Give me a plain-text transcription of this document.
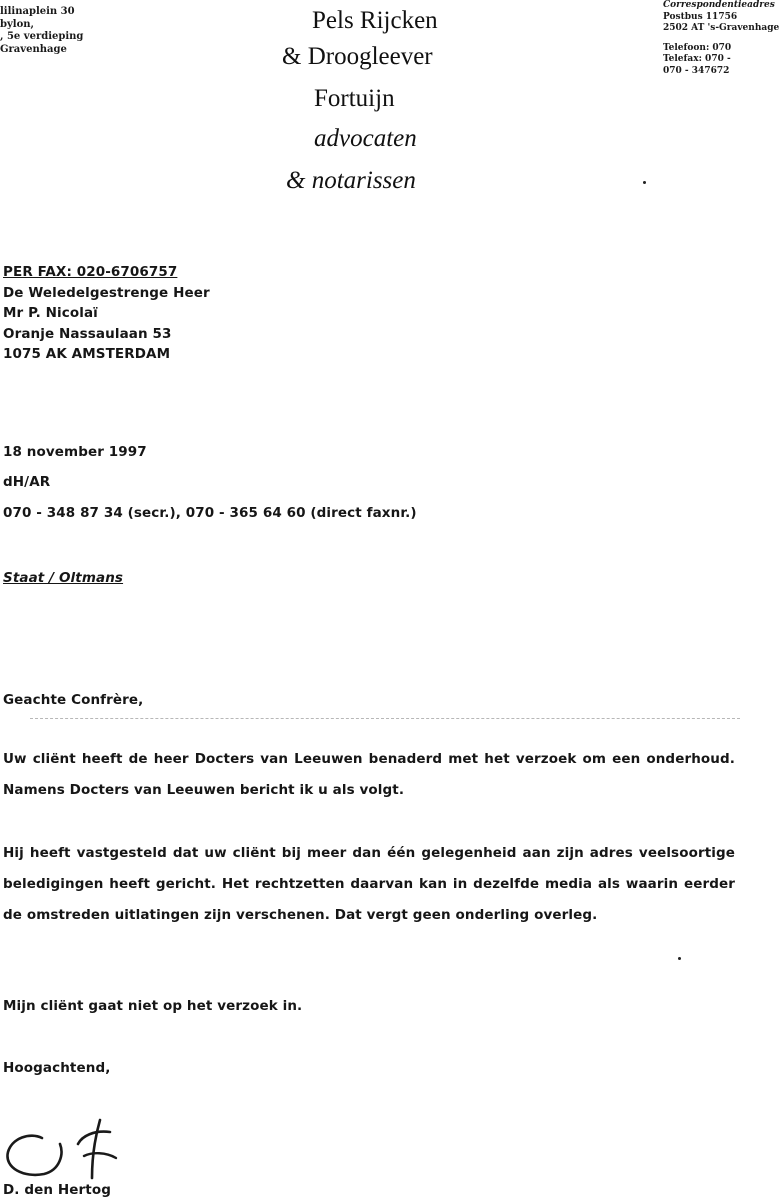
lilinaplein 30
bylon,
, 5e verdieping
Gravenhage
Pels Rijcken
& Droogleever
Fortuijn
advocaten
& notarissen
Correspondentieadres
Postbus 11756
2502 AT 's-Gravenhage
Telefoon: 070
Telefax: 070 -
070 - 347672
PER FAX: 020-6706757
De Weledelgestrenge Heer
Mr P. Nicolaï
Oranje Nassaulaan 53
1075 AK AMSTERDAM
18 november 1997
dH/AR
070 - 348 87 34 (secr.), 070 - 365 64 60 (direct faxnr.)
Staat / Oltmans
Geachte Confrère,
Uw cliënt heeft de heer Docters van Leeuwen benaderd met het verzoek om een onderhoud. Namens Docters van Leeuwen bericht ik u als volgt.
Hij heeft vastgesteld dat uw cliënt bij meer dan één gelegenheid aan zijn adres veelsoortige beledigingen heeft gericht. Het rechtzetten daarvan kan in dezelfde media als waarin eerder de omstreden uitlatingen zijn verschenen. Dat vergt geen onderling overleg.
Mijn cliënt gaat niet op het verzoek in.
Hoogachtend,
D. den Hertog
